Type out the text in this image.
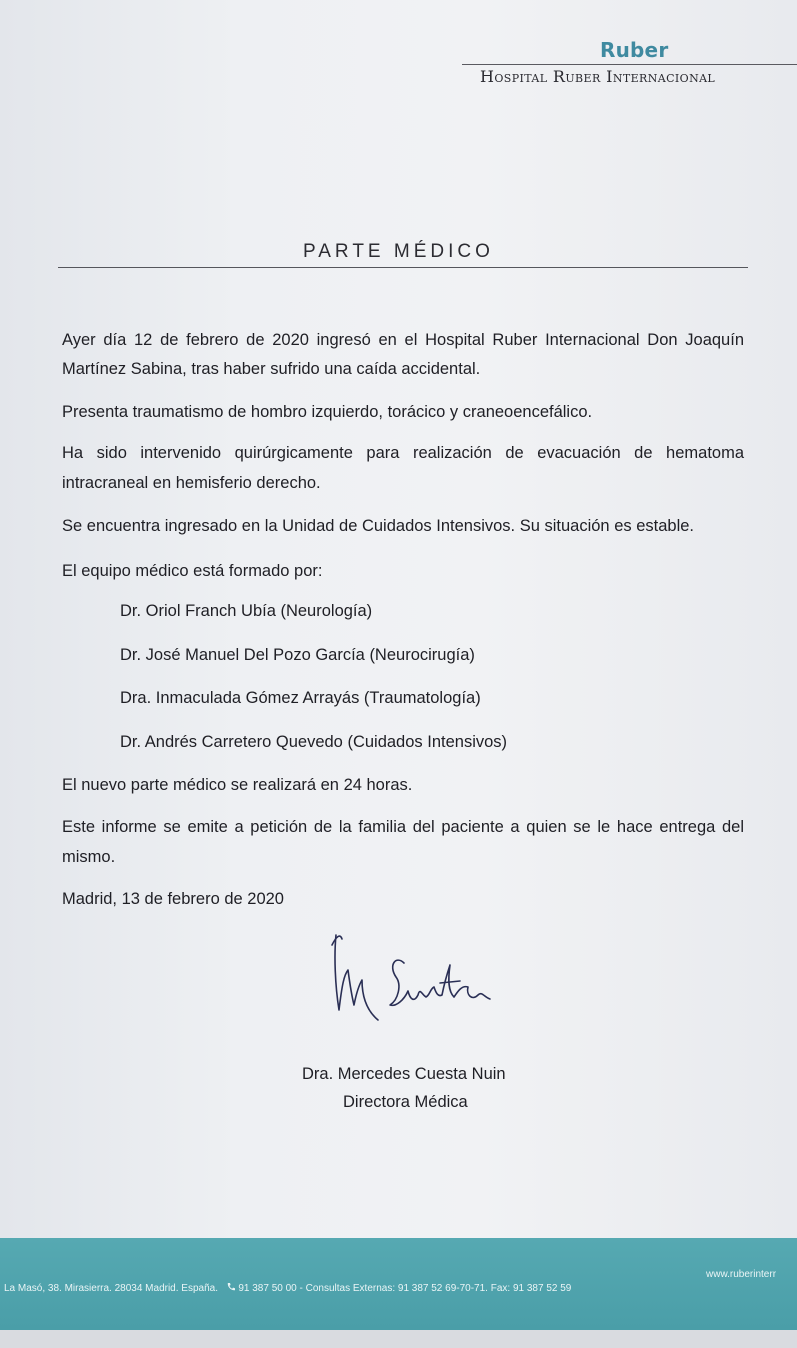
Ruber
Hospital Ruber Internacional
PARTE MÉDICO
Ayer día 12 de febrero de 2020 ingresó en el Hospital Ruber Internacional Don Joaquín
Martínez Sabina, tras haber sufrido una caída accidental.
Presenta traumatismo de hombro izquierdo, torácico y craneoencefálico.
Ha sido intervenido quirúrgicamente para realización de evacuación de hematoma
intracraneal en hemisferio derecho.
Se encuentra ingresado en la Unidad de Cuidados Intensivos. Su situación es estable.
El equipo médico está formado por:
Dr. Oriol Franch Ubía (Neurología)
Dr. José Manuel Del Pozo García (Neurocirugía)
Dra. Inmaculada Gómez Arrayás (Traumatología)
Dr. Andrés Carretero Quevedo (Cuidados Intensivos)
El nuevo parte médico se realizará en 24 horas.
Este informe se emite a petición de la familia del paciente a quien se le hace entrega del
mismo.
Madrid, 13 de febrero de 2020
Dra. Mercedes Cuesta Nuin
Directora Médica
La Masó, 38. Mirasierra. 28034 Madrid. España. 91 387 50 00 - Consultas Externas: 91 387 52 69-70-71. Fax: 91 387 52 59
www.ruberinterr
